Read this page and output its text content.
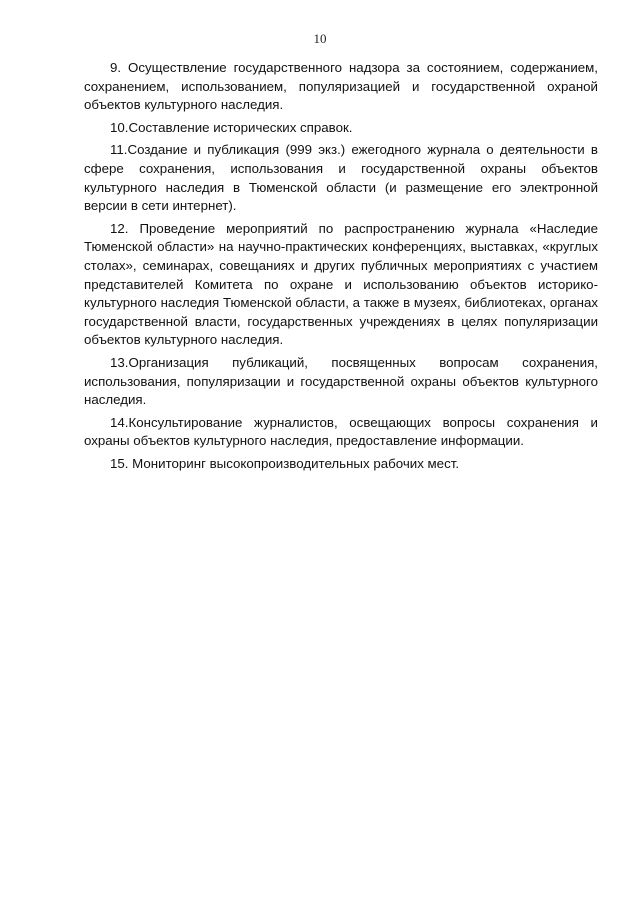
10

9. Осуществление государственного надзора за состоянием, содержанием, сохранением, использованием, популяризацией и государственной охраной объектов культурного наследия.

10.Составление исторических справок.

11.Создание и публикация (999 экз.) ежегодного журнала о деятельности в сфере сохранения, использования и государственной охраны объектов культурного наследия в Тюменской области (и размещение его электронной версии в сети интернет).

12. Проведение мероприятий по распространению журнала «Наследие Тюменской области» на научно-практических конференциях, выставках, «круглых столах», семинарах, совещаниях и других публичных мероприятиях с участием представителей Комитета по охране и использованию объектов историко-культурного наследия Тюменской области, а также в музеях, библиотеках, органах государственной власти, государственных учреждениях в целях популяризации объектов культурного наследия.

13.Организация публикаций, посвященных вопросам сохранения, использования, популяризации и государственной охраны объектов культурного наследия.

14.Консультирование журналистов, освещающих вопросы сохранения и охраны объектов культурного наследия, предоставление информации.

15. Мониторинг высокопроизводительных рабочих мест.
